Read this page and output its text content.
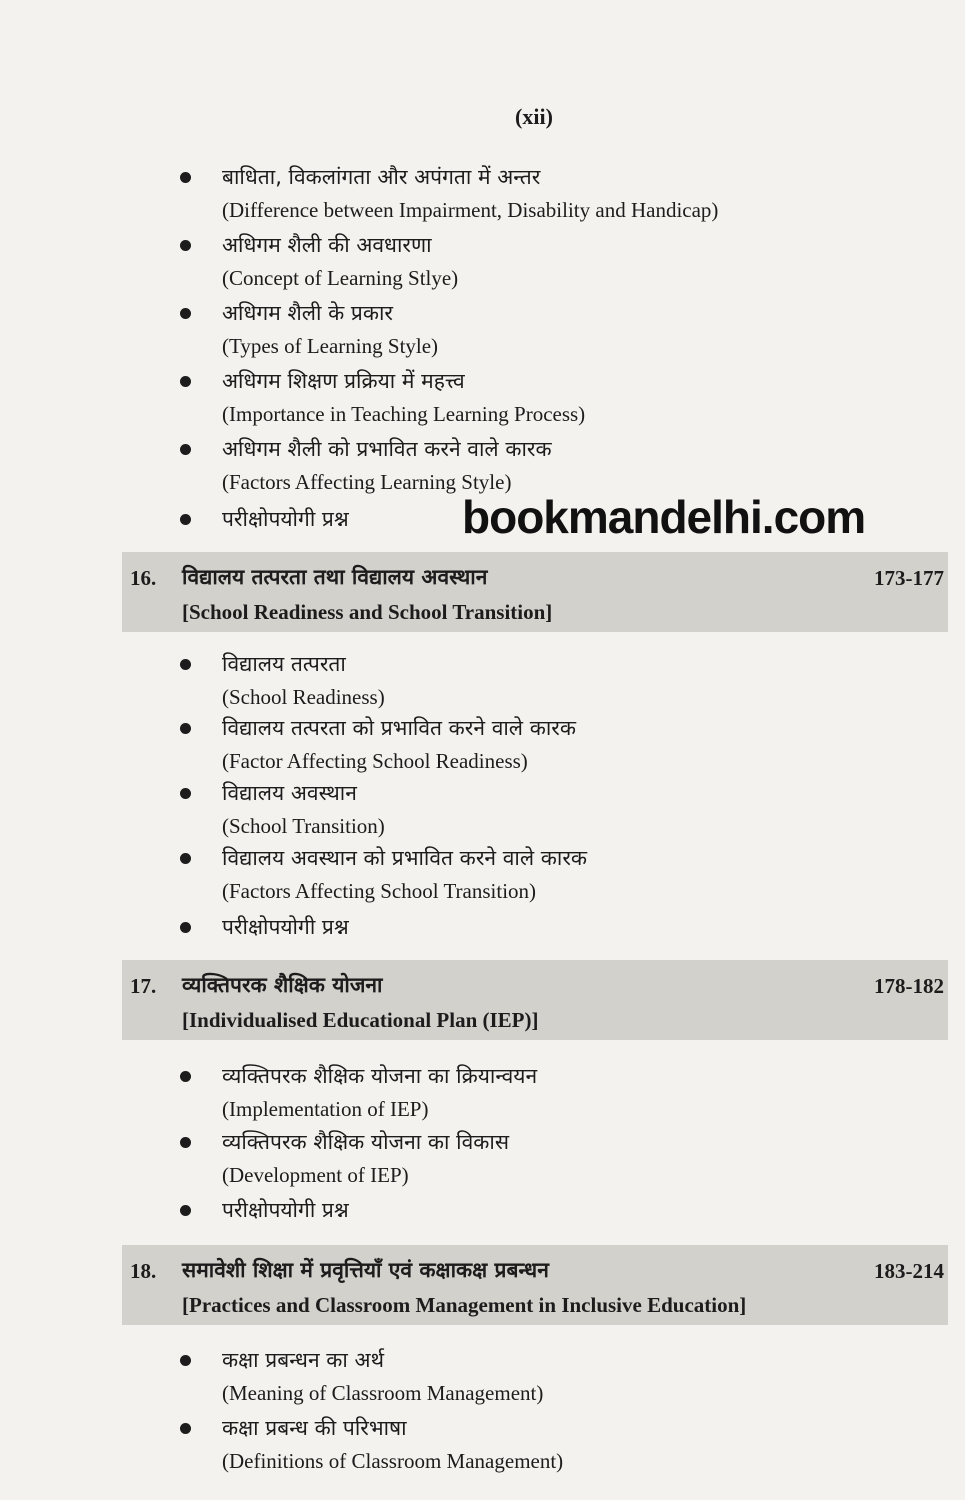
(xii)
बाधिता, विकलांगता और अपंगता में अन्तर
(Difference between Impairment, Disability and Handicap)
अधिगम शैली की अवधारणा
(Concept of Learning Stlye)
अधिगम शैली के प्रकार
(Types of Learning Style)
अधिगम शिक्षण प्रक्रिया में महत्त्व
(Importance in Teaching Learning Process)
अधिगम शैली को प्रभावित करने वाले कारक
(Factors Affecting Learning Style)
परीक्षोपयोगी प्रश्न bookmandelhi.com
16. विद्यालय तत्परता तथा विद्यालय अवस्थान
[School Readiness and School Transition]
173-177
विद्यालय तत्परता
(School Readiness)
विद्यालय तत्परता को प्रभावित करने वाले कारक
(Factor Affecting School Readiness)
विद्यालय अवस्थान
(School Transition)
विद्यालय अवस्थान को प्रभावित करने वाले कारक
(Factors Affecting School Transition)
परीक्षोपयोगी प्रश्न
17. व्यक्तिपरक शैक्षिक योजना
[Individualised Educational Plan (IEP)]
178-182
व्यक्तिपरक शैक्षिक योजना का क्रियान्वयन
(Implementation of IEP)
व्यक्तिपरक शैक्षिक योजना का विकास
(Development of IEP)
परीक्षोपयोगी प्रश्न
18. समावेशी शिक्षा में प्रवृत्तियाँ एवं कक्षाकक्ष प्रबन्धन
[Practices and Classroom Management in Inclusive Education]
183-214
कक्षा प्रबन्धन का अर्थ
(Meaning of Classroom Management)
कक्षा प्रबन्ध की परिभाषा
(Definitions of Classroom Management)
